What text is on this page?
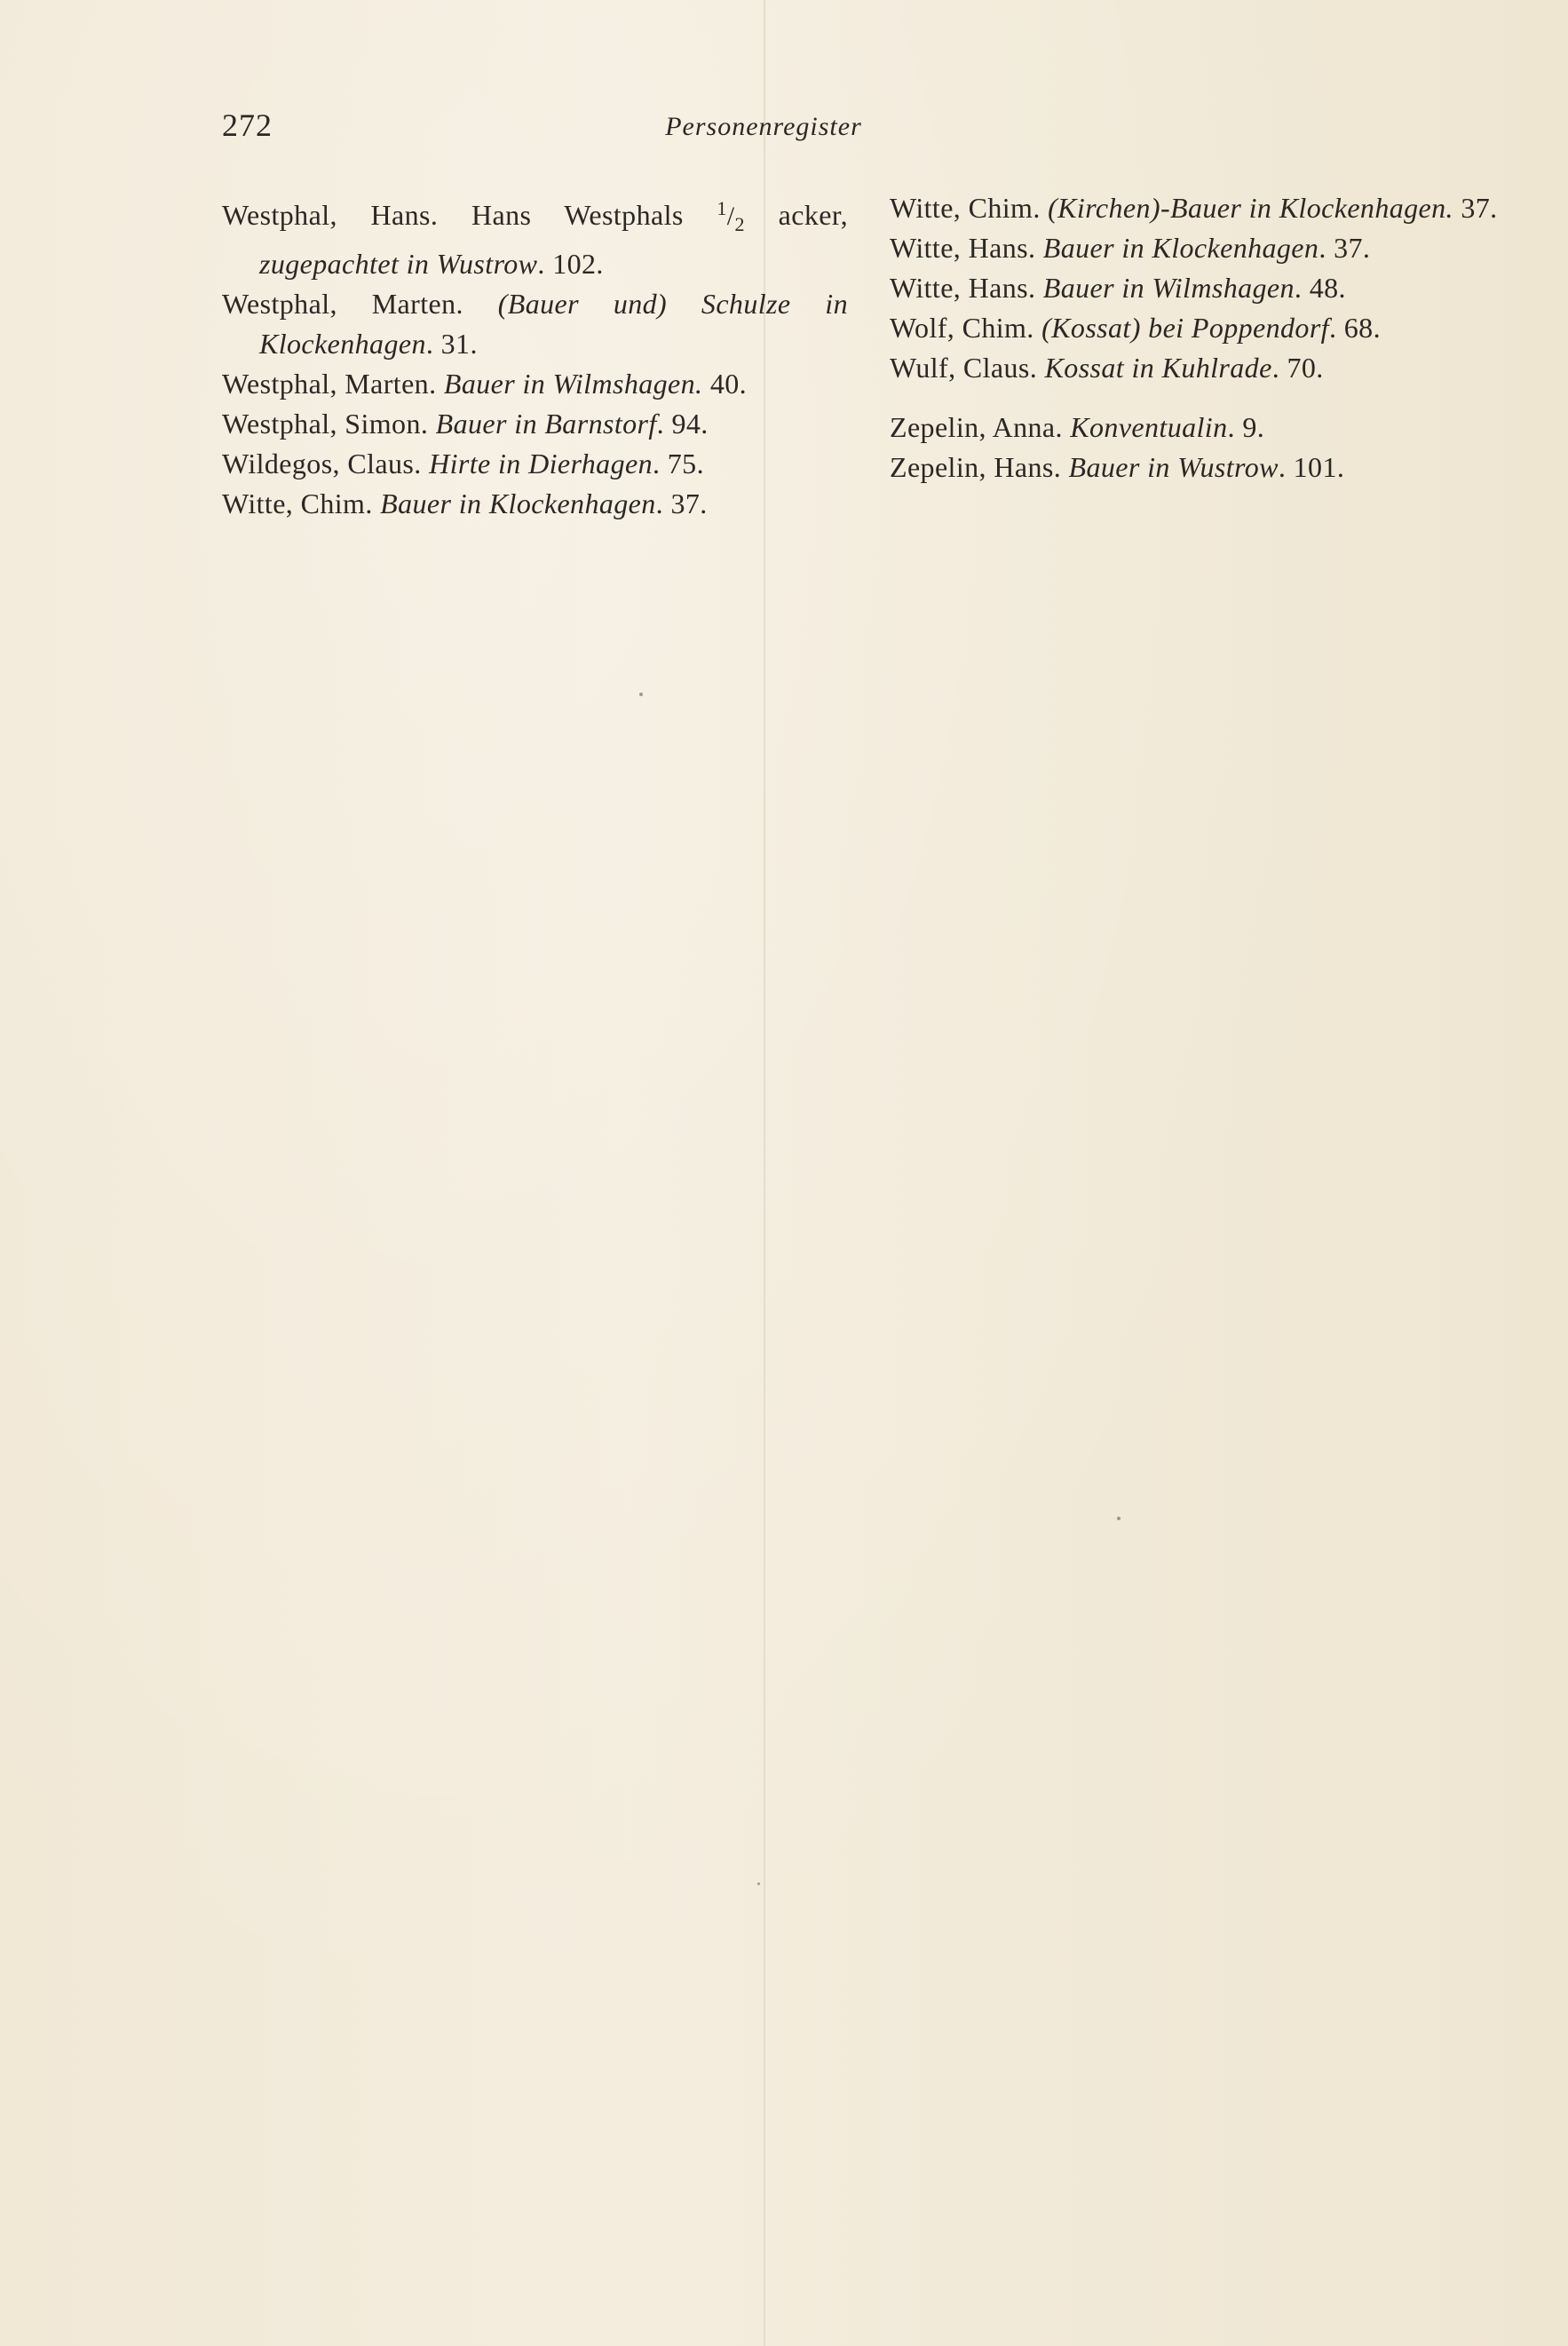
272	Personenregister
Westphal, Hans. Hans Westphals $^1/_2$ acker, zugepachtet in Wustrow. 102.
Westphal, Marten. (Bauer und) Schulze in Klockenhagen. 31.
Westphal, Marten. Bauer in Wilmshagen. 40.
Westphal, Simon. Bauer in Barnstorf. 94.
Wildegos, Claus. Hirte in Dierhagen. 75.
Witte, Chim. Bauer in Klockenhagen. 37.
Witte, Chim. (Kirchen)-Bauer in Klockenhagen. 37.
Witte, Hans. Bauer in Klockenhagen. 37.
Witte, Hans. Bauer in Wilmshagen. 48.
Wolf, Chim. (Kossat) bei Poppendorf. 68.
Wulf, Claus. Kossat in Kuhlrade. 70.
Zepelin, Anna. Konventualin. 9.
Zepelin, Hans. Bauer in Wustrow. 101.
